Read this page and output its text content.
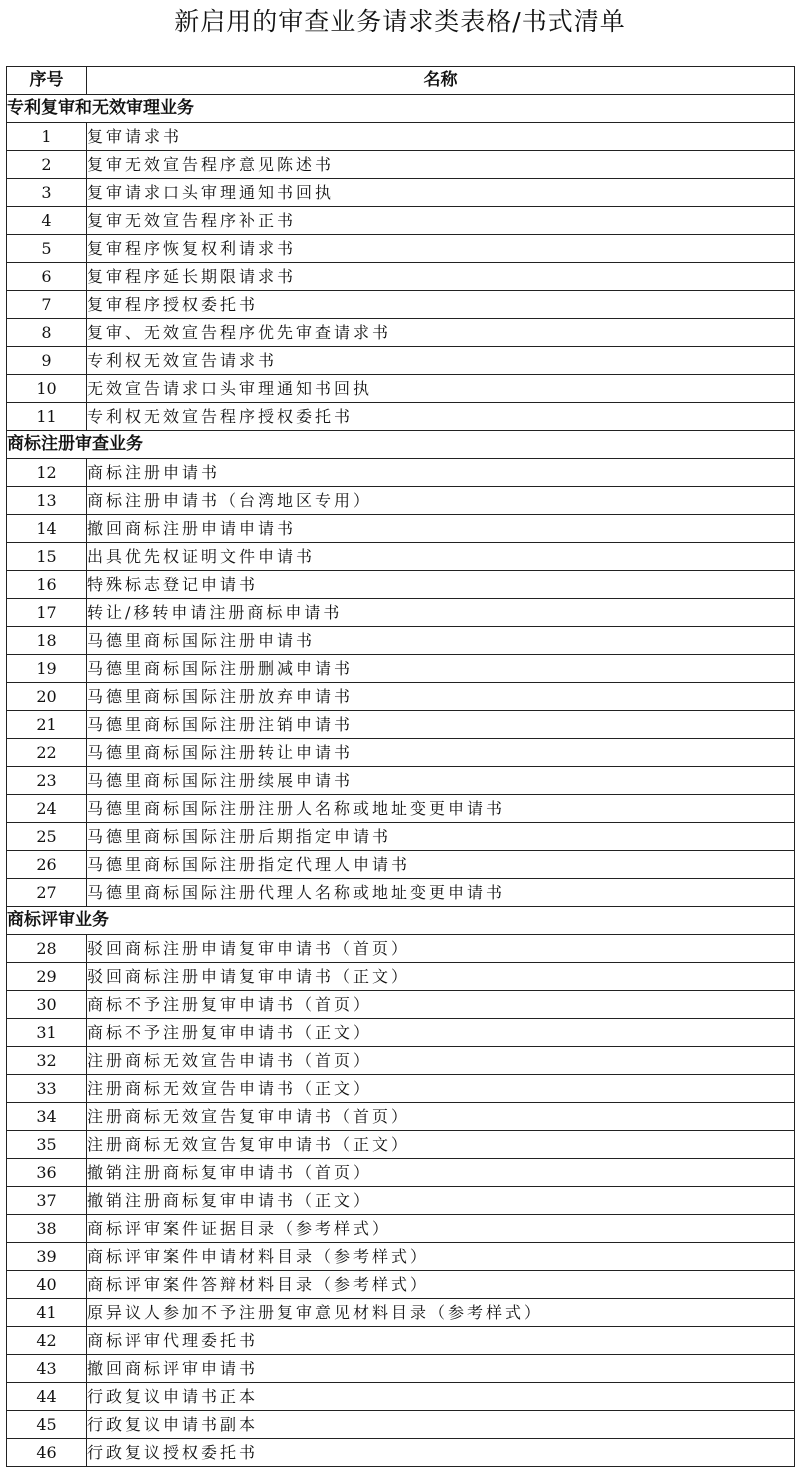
新启用的审查业务请求类表格/书式清单
序号	名称
专利复审和无效审理业务	
1	复审请求书
2	复审无效宣告程序意见陈述书
3	复审请求口头审理通知书回执
4	复审无效宣告程序补正书
5	复审程序恢复权利请求书
6	复审程序延长期限请求书
7	复审程序授权委托书
8	复审、无效宣告程序优先审查请求书
9	专利权无效宣告请求书
10	无效宣告请求口头审理通知书回执
11	专利权无效宣告程序授权委托书
商标注册审查业务	
12	商标注册申请书
13	商标注册申请书（台湾地区专用）
14	撤回商标注册申请申请书
15	出具优先权证明文件申请书
16	特殊标志登记申请书
17	转让/移转申请注册商标申请书
18	马德里商标国际注册申请书
19	马德里商标国际注册删减申请书
20	马德里商标国际注册放弃申请书
21	马德里商标国际注册注销申请书
22	马德里商标国际注册转让申请书
23	马德里商标国际注册续展申请书
24	马德里商标国际注册注册人名称或地址变更申请书
25	马德里商标国际注册后期指定申请书
26	马德里商标国际注册指定代理人申请书
27	马德里商标国际注册代理人名称或地址变更申请书
商标评审业务	
28	驳回商标注册申请复审申请书（首页）
29	驳回商标注册申请复审申请书（正文）
30	商标不予注册复审申请书（首页）
31	商标不予注册复审申请书（正文）
32	注册商标无效宣告申请书（首页）
33	注册商标无效宣告申请书（正文）
34	注册商标无效宣告复审申请书（首页）
35	注册商标无效宣告复审申请书（正文）
36	撤销注册商标复审申请书（首页）
37	撤销注册商标复审申请书（正文）
38	商标评审案件证据目录（参考样式）
39	商标评审案件申请材料目录（参考样式）
40	商标评审案件答辩材料目录（参考样式）
41	原异议人参加不予注册复审意见材料目录（参考样式）
42	商标评审代理委托书
43	撤回商标评审申请书
44	行政复议申请书正本
45	行政复议申请书副本
46	行政复议授权委托书
